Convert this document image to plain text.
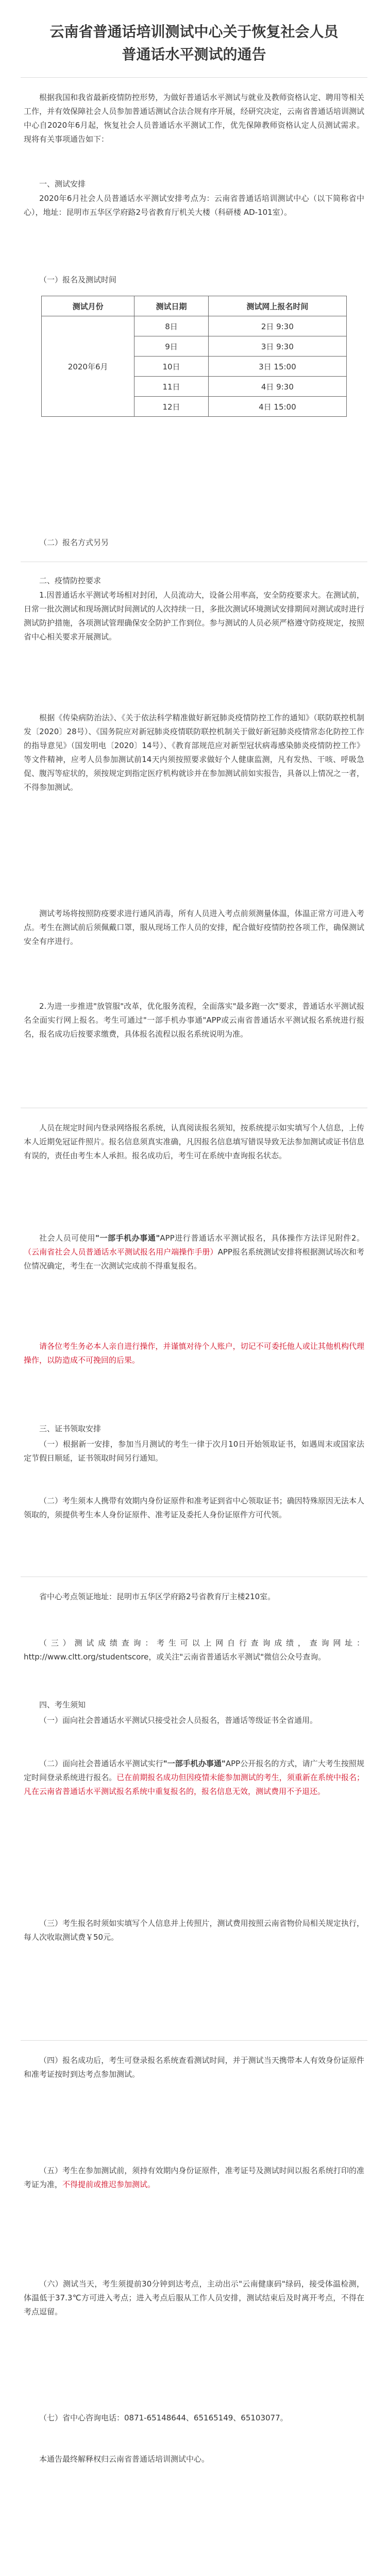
云南省普通话培训测试中心关于恢复社会人员
普通话水平测试的通告

根据我国和我省最新疫情防控形势，为做好普通话水平测试与就业及教师资格认定、聘用等相关工作，并有效保障社会人员参加普通话测试合法合规有序开展，经研究决定，云南省普通话培训测试中心自2020年6月起，恢复社会人员普通话水平测试工作，优先保障教师资格认定人员测试需求。现将有关事项通告如下：

一、测试安排

2020年6月社会人员普通话水平测试安排考点为：云南省普通话培训测试中心（以下简称省中心），地址：昆明市五华区学府路2号省教育厅机关大楼（科研楼 AD-101室）。

（一）报名及测试时间

测试月份	测试日期	测试网上报名时间
2020年6月	8日	2日 9:30
	9日	3日 9:30
	10日	3日 15:00
	11日	4日 9:30
	12日	4日 15:00

（二）报名方式另另

二、疫情防控要求

1.因普通话水平测试考场相对封闭，人员流动大，设备公用率高，安全防疫要求大。在测试前，日常一批次测试和现场测试时间测试的人次持续一日，多批次测试环境测试安排期间对测试或时进行测试防护措施，各项测试管理确保安全防护工作到位。参与测试的人员必须严格遵守防疫规定，按照省中心相关要求开展测试。

根据《传染病防治法》、《关于依法科学精准做好新冠肺炎疫情防控工作的通知》（联防联控机制发〔2020〕28号）、《国务院应对新冠肺炎疫情联防联控机制关于做好新冠肺炎疫情常态化防控工作的指导意见》（国发明电〔2020〕14号）、《教育部规范应对新型冠状病毒感染肺炎疫情防控工作》等文件精神，应考人员参加测试前14天内须按照要求做好个人健康监测，凡有发热、干咳、呼吸急促、腹泻等症状的，须按规定到指定医疗机构就诊并在参加测试前如实报告，具备以上情况之一者，不得参加测试。

测试考场将按照防疫要求进行通风消毒，所有人员进入考点前须测量体温，体温正常方可进入考点。考生在测试前后须佩戴口罩，服从现场工作人员的安排，配合做好疫情防控各项工作，确保测试安全有序进行。

2.为进一步推进"放管服"改革，优化服务流程，全面落实"最多跑一次"要求，普通话水平测试报名全面实行网上报名。考生可通过"一部手机办事通"APP或云南省普通话水平测试报名系统进行报名，报名成功后按要求缴费，具体报名流程以报名系统说明为准。

人员在规定时间内登录网络报名系统，认真阅读报名须知，按系统提示如实填写个人信息，上传本人近期免冠证件照片。报名信息须真实准确，凡因报名信息填写错误导致无法参加测试或证书信息有误的，责任由考生本人承担。报名成功后，考生可在系统中查询报名状态。

社会人员可使用"一部手机办事通"APP进行普通话水平测试报名，具体操作方法详见附件2。（云南省社会人员普通话水平测试报名用户端操作手册）APP报名系统测试安排将根据测试场次和考位情况确定，考生在一次测试完成前不得重复报名。

请各位考生务必本人亲自进行操作，并谨慎对待个人账户，切记不可委托他人或让其他机构代理操作，以防造成不可挽回的后果。

三、证书领取安排

（一）根据新一安排，参加当月测试的考生一律于次月10日开始领取证书，如遇周末或国家法定节假日顺延，证书领取时间另行通知。

（二）考生须本人携带有效期内身份证原件和准考证到省中心领取证书；确因特殊原因无法本人领取的，须提供考生本人身份证原件、准考证及委托人身份证原件方可代领。

省中心考点领证地址：昆明市五华区学府路2号省教育厅主楼210室。

（三）测试成绩查询：考生可以上网自行查询成绩，查询网址：http://www.cltt.org/studentscore，或关注"云南省普通话水平测试"微信公众号查询。

四、考生须知

（一）面向社会普通话水平测试只接受社会人员报名，普通话等级证书全省通用。

（二）面向社会普通话水平测试实行"一部手机办事通"APP公开报名的方式，请广大考生按照规定时间登录系统进行报名。已在前期报名成功但因疫情未能参加测试的考生，须重新在系统中报名；凡在云南省普通话水平测试报名系统中重复报名的，报名信息无效，测试费用不予退还。

（三）考生报名时须如实填写个人信息并上传照片，测试费用按照云南省物价局相关规定执行，每人次收取测试费￥50元。

（四）报名成功后，考生可登录报名系统查看测试时间，并于测试当天携带本人有效身份证原件和准考证按时到达考点参加测试。

（五）考生在参加测试前，须持有效期内身份证原件，准考证号及测试时间以报名系统打印的准考证为准，不得提前或推迟参加测试。

（六）测试当天，考生须提前30分钟到达考点，主动出示"云南健康码"绿码，接受体温检测，体温低于37.3℃方可进入考点；进入考点后服从工作人员安排，测试结束后及时离开考点，不得在考点逗留。

（七）省中心咨询电话：0871-65148644、65165149、65103077。

本通告最终解释权归云南省普通话培训测试中心。
